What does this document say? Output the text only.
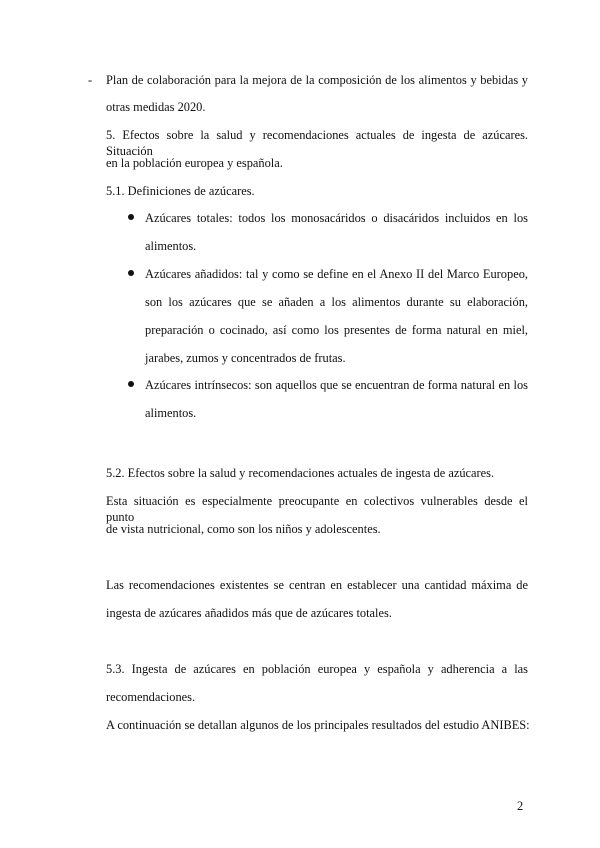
- Plan de colaboración para la mejora de la composición de los alimentos y bebidas y
otras medidas 2020.
5. Efectos sobre la salud y recomendaciones actuales de ingesta de azúcares. Situación
en la población europea y española.
5.1. Definiciones de azúcares.
Azúcares totales: todos los monosacáridos o disacáridos incluidos en los
alimentos.
Azúcares añadidos: tal y como se define en el Anexo II del Marco Europeo,
son los azúcares que se añaden a los alimentos durante su elaboración,
preparación o cocinado, así como los presentes de forma natural en miel,
jarabes, zumos y concentrados de frutas.
Azúcares intrínsecos: son aquellos que se encuentran de forma natural en los
alimentos.
5.2. Efectos sobre la salud y recomendaciones actuales de ingesta de azúcares.
Esta situación es especialmente preocupante en colectivos vulnerables desde el punto
de vista nutricional, como son los niños y adolescentes.
Las recomendaciones existentes se centran en establecer una cantidad máxima de
ingesta de azúcares añadidos más que de azúcares totales.
5.3. Ingesta de azúcares en población europea y española y adherencia a las
recomendaciones.
A continuación se detallan algunos de los principales resultados del estudio ANIBES:
2
